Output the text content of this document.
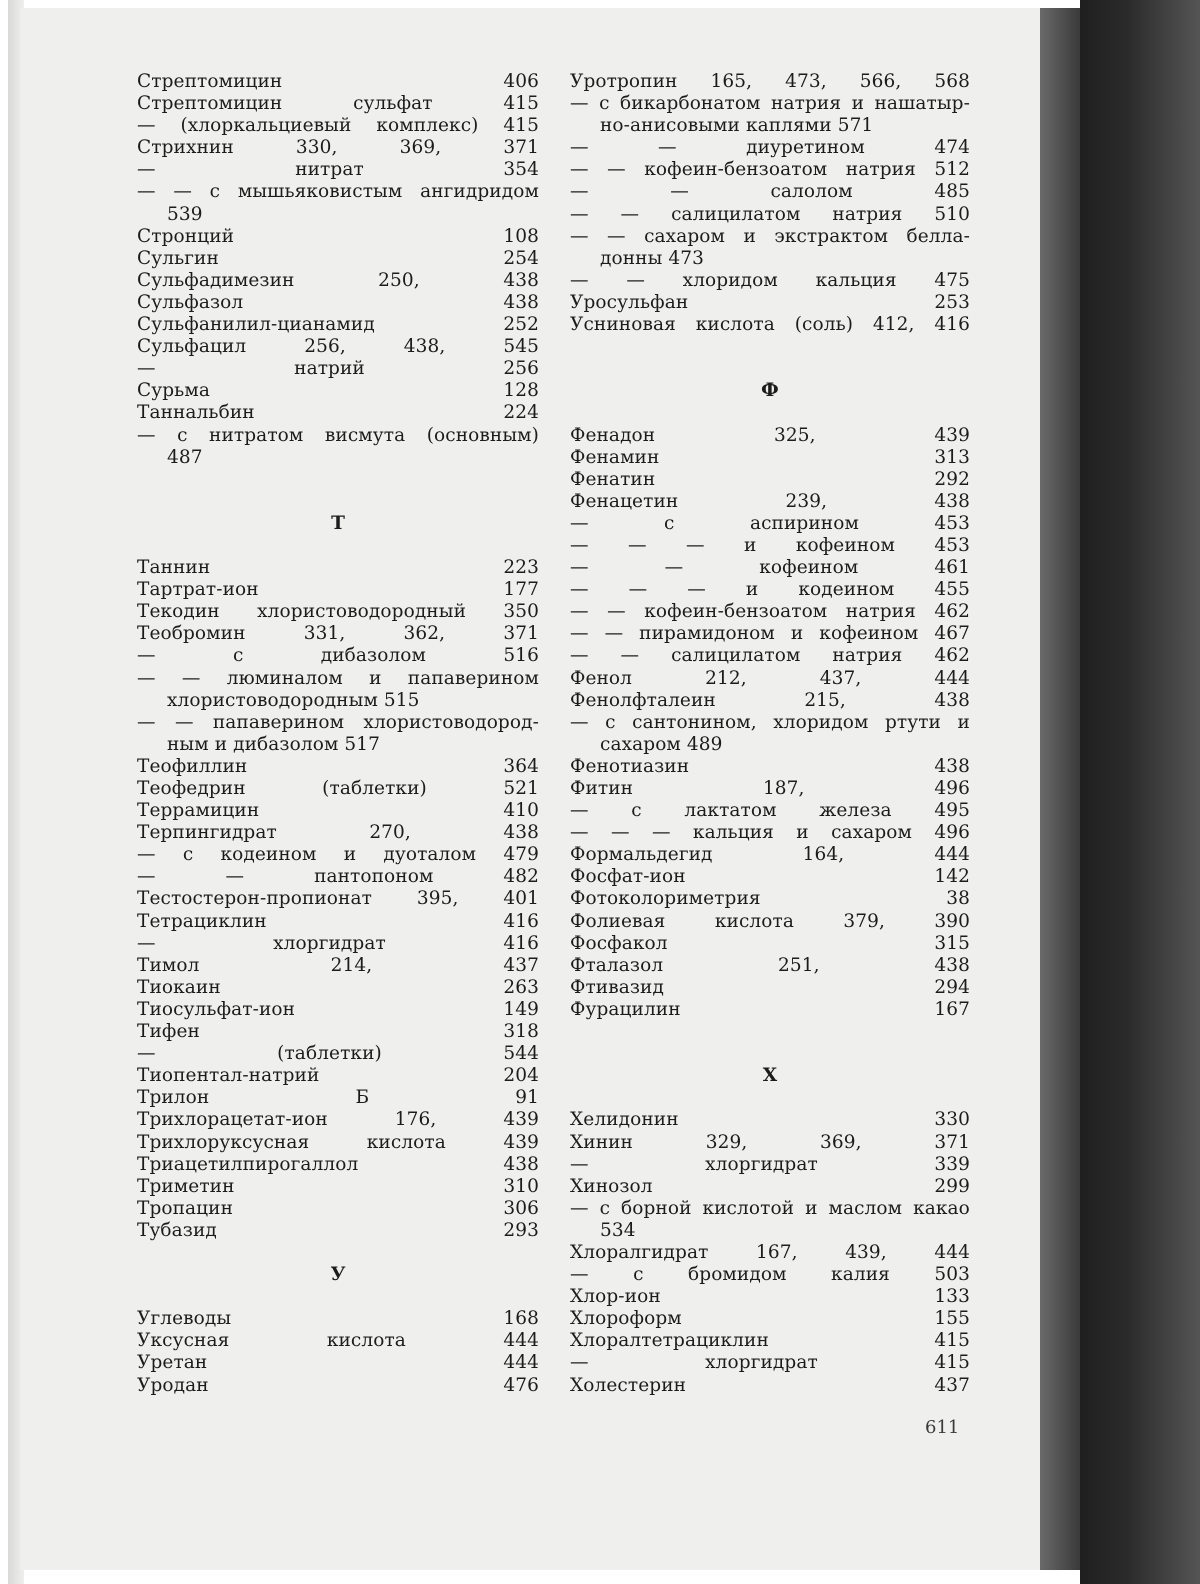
Стрептомицин	406
Стрептомицин	сульфат	415
— (хлоркальциевый комплекс) 415
Стрихнин	330,	369,	371
—	нитрат	354
— — с мышьяковистым ангидридом
539
Стронций	108
Сульгин	254
Сульфадимезин	250,	438
Сульфазол	438
Сульфанилил-цианамид	252
Сульфацил	256,	438,	545
—	натрий	256
Сурьма	128
Таннальбин	224
— с нитратом висмута (основным)
487
Т
Таннин	223
Тартрат-ион	177
Текодин хлористоводородный 350
Теобромин	331,	362,	371
—	с	дибазолом	516
— — люминалом и папаверином
хлористоводородным 515
— — папаверином хлористоводород-
ным и дибазолом 517
Теофиллин	364
Теофедрин	(таблетки)	521
Террамицин	410
Терпингидрат	270,	438
— с кодеином и дуоталом 479
—	—	пантопоном	482
Тестостерон-пропионат 395, 401
Тетрациклин	416
—	хлоргидрат	416
Тимол	214,	437
Тиокаин	263
Тиосульфат-ион	149
Тифен	318
—	(таблетки)	544
Тиопентал-натрий	204
Трилон	Б	91
Трихлорацетат-ион	176,	439
Трихлоруксусная	кислота	439
Триацетилпирогаллол	438
Триметин	310
Тропацин	306
Тубазид	293
У
Углеводы	168
Уксусная	кислота	444
Уретан	444
Уродан	476
Уротропин 165, 473, 566, 568
— с бикарбонатом натрия и нашатыр-
но-анисовыми каплями 571
—	—	диуретином	474
— — кофеин-бензоатом натрия 512
—	—	салолом	485
— — салицилатом натрия 510
— — сахаром и экстрактом белла-
донны 473
— — хлоридом кальция 475
Уросульфан	253
Усниновая кислота (соль) 412, 416
Ф
Фенадон	325,	439
Фенамин	313
Фенатин	292
Фенацетин	239,	438
—	с	аспирином	453
— — — и кофеином 453
—	—	кофеином	461
— — — и кодеином 455
— — кофеин-бензоатом натрия 462
— — пирамидоном и кофеином 467
— — салицилатом натрия 462
Фенол	212,	437,	444
Фенолфталеин	215,	438
— с сантонином, хлоридом ртути и
сахаром 489
Фенотиазин	438
Фитин	187,	496
— с лактатом железа 495
— — — кальция и сахаром 496
Формальдегид	164,	444
Фосфат-ион	142
Фотоколориметрия	38
Фолиевая	кислота	379,	390
Фосфакол	315
Фталазол	251,	438
Фтивазид	294
Фурацилин	167
Х
Хелидонин	330
Хинин	329,	369,	371
—	хлоргидрат	339
Хинозол	299
— с борной кислотой и маслом какао
534
Хлоралгидрат	167,	439,	444
— с бромидом калия 503
Хлор-ион	133
Хлороформ	155
Хлоралтетрациклин	415
—	хлоргидрат	415
Холестерин	437
611
